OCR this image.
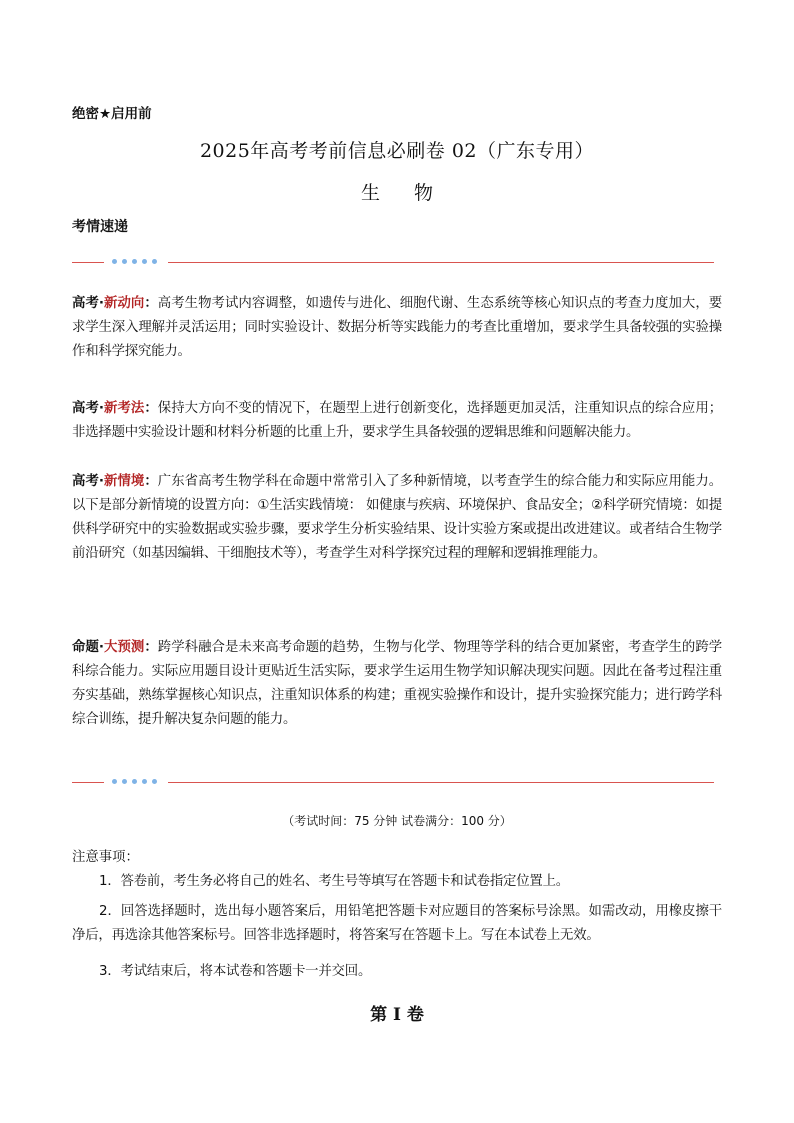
绝密★启用前
2025年高考考前信息必刷卷 02（广东专用）
生 物
考情速递
高考·新动向：高考生物考试内容调整，如遗传与进化、细胞代谢、生态系统等核心知识点的考查力度加大，要求学生深入理解并灵活运用；同时实验设计、数据分析等实践能力的考查比重增加，要求学生具备较强的实验操作和科学探究能力。
高考·新考法：保持大方向不变的情况下，在题型上进行创新变化，选择题更加灵活，注重知识点的综合应用；非选择题中实验设计题和材料分析题的比重上升，要求学生具备较强的逻辑思维和问题解决能力。
高考·新情境：广东省高考生物学科在命题中常常引入了多种新情境，以考查学生的综合能力和实际应用能力。以下是部分新情境的设置方向：①生活实践情境： 如健康与疾病、环境保护、食品安全；②科学研究情境：如提供科学研究中的实验数据或实验步骤，要求学生分析实验结果、设计实验方案或提出改进建议。或者结合生物学前沿研究（如基因编辑、干细胞技术等），考查学生对科学探究过程的理解和逻辑推理能力。
命题·大预测：跨学科融合是未来高考命题的趋势，生物与化学、物理等学科的结合更加紧密，考查学生的跨学科综合能力。实际应用题目设计更贴近生活实际，要求学生运用生物学知识解决现实问题。因此在备考过程注重夯实基础，熟练掌握核心知识点，注重知识体系的构建；重视实验操作和设计，提升实验探究能力；进行跨学科综合训练，提升解决复杂问题的能力。
（考试时间：75 分钟 试卷满分：100 分）
注意事项：
1．答卷前，考生务必将自己的姓名、考生号等填写在答题卡和试卷指定位置上。
2．回答选择题时，选出每小题答案后，用铅笔把答题卡对应题目的答案标号涂黑。如需改动，用橡皮擦干净后，再选涂其他答案标号。回答非选择题时，将答案写在答题卡上。写在本试卷上无效。
3．考试结束后，将本试卷和答题卡一并交回。
第 I 卷
